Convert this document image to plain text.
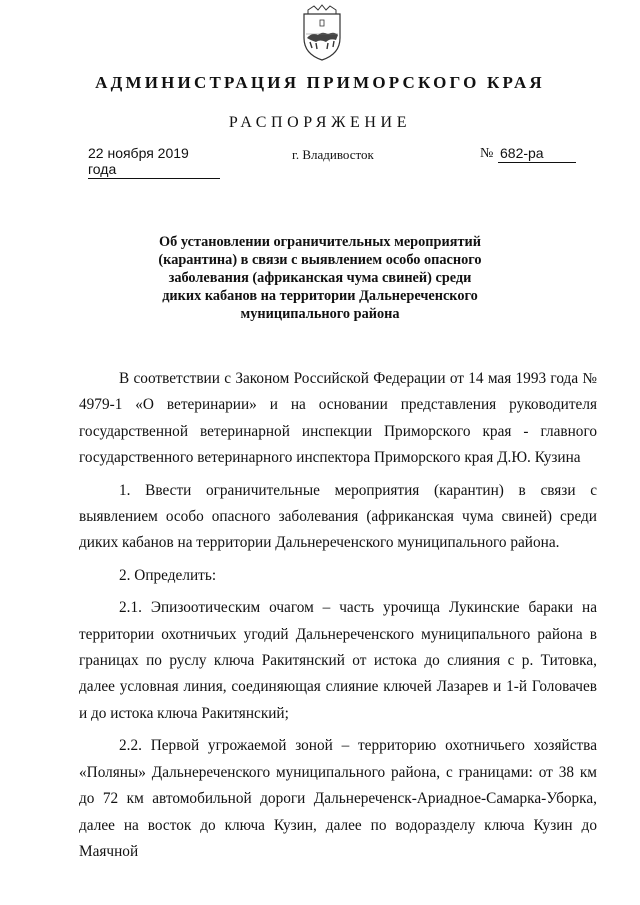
АДМИНИСТРАЦИЯ ПРИМОРСКОГО КРАЯ
РАСПОРЯЖЕНИЕ
22 ноября 2019 года
г. Владивосток	№ 682-ра
Об установлении ограничительных мероприятий (карантина) в связи с выявлением особо опасного заболевания (африканская чума свиней) среди диких кабанов на территории Дальнереченского муниципального района

В соответствии с Законом Российской Федерации от 14 мая 1993 года № 4979-1 «О ветеринарии» и на основании представления руководителя государственной ветеринарной инспекции Приморского края - главного государственного ветеринарного инспектора Приморского края Д.Ю. Кузина

1. Ввести ограничительные мероприятия (карантин) в связи с выявлением особо опасного заболевания (африканская чума свиней) среди диких кабанов на территории Дальнереченского муниципального района.

2. Определить:

2.1. Эпизоотическим очагом – часть урочища Лукинские бараки на территории охотничьих угодий Дальнереченского муниципального района в границах по руслу ключа Ракитянский от истока до слияния с р. Титовка, далее условная линия, соединяющая слияние ключей Лазарев и 1-й Головачев и до истока ключа Ракитянский;

2.2. Первой угрожаемой зоной – территорию охотничьего хозяйства «Поляны» Дальнереченского муниципального района, с границами: от 38 км до 72 км автомобильной дороги Дальнереченск-Ариадное-Самарка-Уборка, далее на восток до ключа Кузин, далее по водоразделу ключа Кузин до Маячной
